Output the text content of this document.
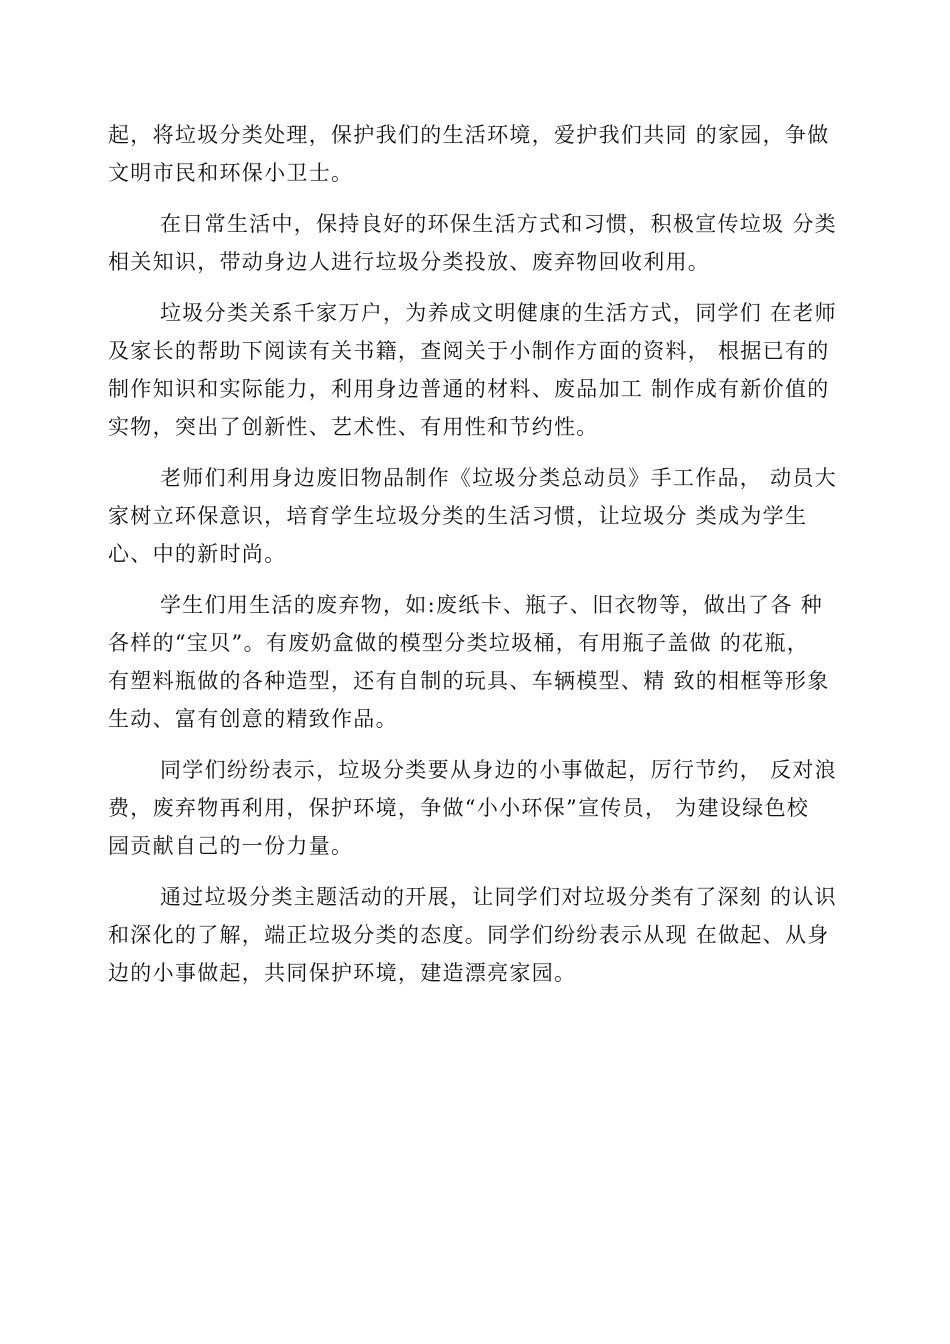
起，将垃圾分类处理，保护我们的生活环境，爱护我们共同 的家园，争做
文明市民和环保小卫士。

在日常生活中，保持良好的环保生活方式和习惯，积极宣传垃圾 分类
相关知识，带动身边人进行垃圾分类投放、废弃物回收利用。

垃圾分类关系千家万户，为养成文明健康的生活方式，同学们 在老师
及家长的帮助下阅读有关书籍，查阅关于小制作方面的资料， 根据已有的
制作知识和实际能力，利用身边普通的材料、废品加工 制作成有新价值的
实物，突出了创新性、艺术性、有用性和节约性。

老师们利用身边废旧物品制作《垃圾分类总动员》手工作品， 动员大
家树立环保意识，培育学生垃圾分类的生活习惯，让垃圾分 类成为学生
心、中的新时尚。

学生们用生活的废弃物，如:废纸卡、瓶子、旧衣物等，做出了各 种
各样的“宝贝”。有废奶盒做的模型分类垃圾桶，有用瓶子盖做 的花瓶，
有塑料瓶做的各种造型，还有自制的玩具、车辆模型、精 致的相框等形象
生动、富有创意的精致作品。

同学们纷纷表示，垃圾分类要从身边的小事做起，厉行节约， 反对浪
费，废弃物再利用，保护环境，争做“小小环保”宣传员， 为建设绿色校
园贡献自己的一份力量。

通过垃圾分类主题活动的开展，让同学们对垃圾分类有了深刻 的认识
和深化的了解，端正垃圾分类的态度。同学们纷纷表示从现 在做起、从身
边的小事做起，共同保护环境，建造漂亮家园。
